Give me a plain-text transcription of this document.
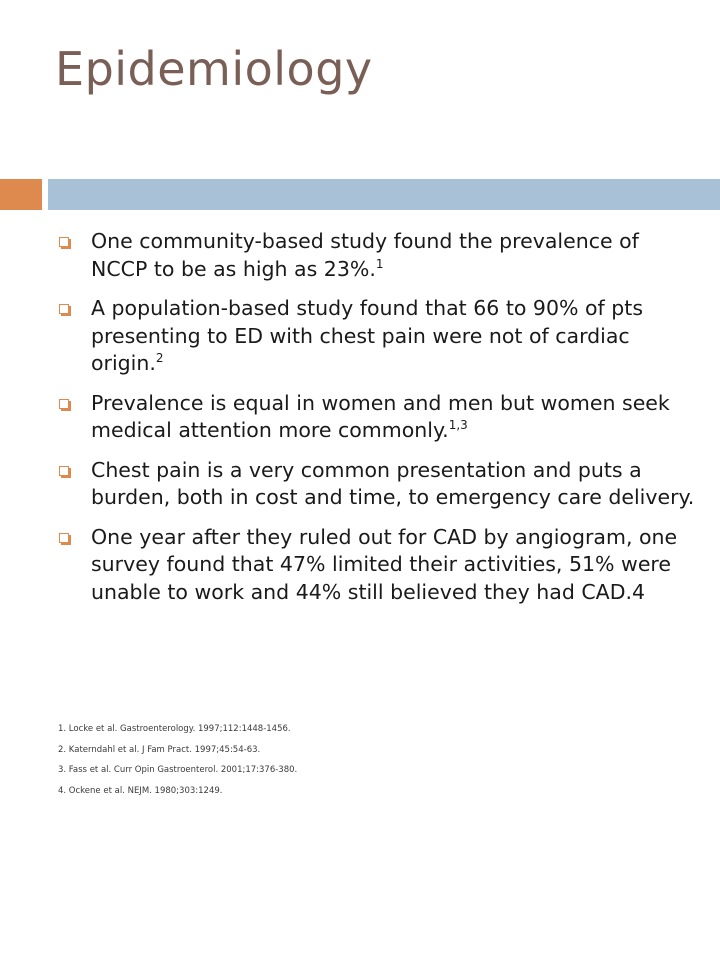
Epidemiology
One community-based study found the prevalence of NCCP to be as high as 23%.$^1$
A population-based study found that 66 to 90% of pts presenting to ED with chest pain were not of cardiac origin.$^2$
Prevalence is equal in women and men but women seek medical attention more commonly.$^{1,3}$
Chest pain is a very common presentation and puts a burden, both in cost and time, to emergency care delivery.
One year after they ruled out for CAD by angiogram, one survey found that 47% limited their activities, 51% were unable to work and 44% still believed they had CAD.4
1. Locke et al. Gastroenterology. 1997;112:1448-1456.
2. Katerndahl et al. J Fam Pract. 1997;45:54-63.
3. Fass et al. Curr Opin Gastroenterol. 2001;17:376-380.
4. Ockene et al. NEJM. 1980;303:1249.
